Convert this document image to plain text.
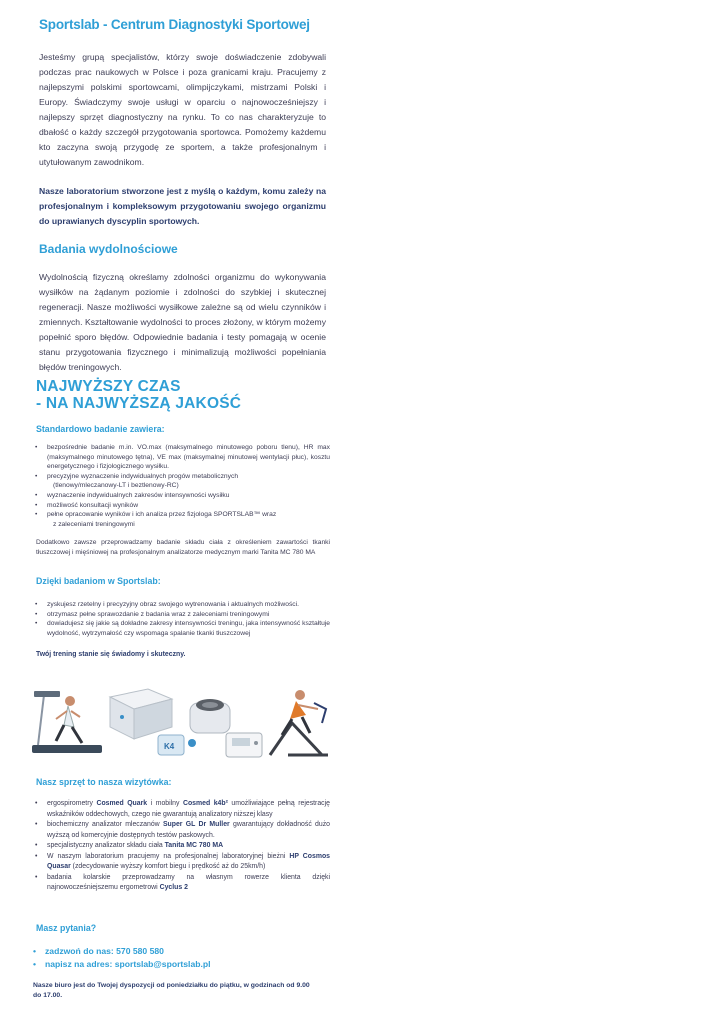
Sportslab - Centrum Diagnostyki Sportowej
Jesteśmy grupą specjalistów, którzy swoje doświadczenie zdobywali podczas prac naukowych w Polsce i poza granicami kraju. Pracujemy z najlepszymi polskimi sportowcami, olimpijczykami, mistrzami Polski i Europy. Świadczymy swoje usługi w oparciu o najnowocześniejszy i najlepszy sprzęt diagnostyczny na rynku. To co nas charakteryzuje to dbałość o każdy szczegół przygotowania sportowca. Pomożemy każdemu kto zaczyna swoją przygodę ze sportem, a także profesjonalnym i utytułowanym zawodnikom.
Nasze laboratorium stworzone jest z myślą o każdym, komu zależy na profesjonalnym i kompleksowym przygotowaniu swojego organizmu do uprawianych dyscyplin sportowych.
Badania wydolnościowe
Wydolnością fizyczną określamy zdolności organizmu do wykonywania wysiłków na żądanym poziomie i zdolności do szybkiej i skutecznej regeneracji. Nasze możliwości wysiłkowe zależne są od wielu czynników i zmiennych. Kształtowanie wydolności to proces złożony, w którym możemy popełnić sporo błędów. Odpowiednie badania i testy pomagają w ocenie stanu przygotowania fizycznego i minimalizują możliwości popełniania błędów treningowych.
NAJWYŻSZY CZAS
- NA NAJWYŻSZĄ JAKOŚĆ
Standardowo badanie zawiera:
• bezpośrednie badanie m.in. VO.max (maksymalnego minutowego poboru tlenu), HR max (maksymalnego minutowego tętna), VE max (maksymalnej minutowej wentylacji płuc), kosztu energetycznego i fizjologicznego wysiłku.
• precyzyjne wyznaczenie indywidualnych progów metabolicznych
(tlenowy/mleczanowy-LT i beztlenowy-RC)
• wyznaczenie indywidualnych zakresów intensywności wysiłku
• możliwość konsultacji wyników
• pełne opracowanie wyników i ich analiza przez fizjologa SPORTSLAB™ wraz
z zaleceniami treningowymi
Dodatkowo zawsze przeprowadzamy badanie składu ciała z określeniem zawartości tkanki tłuszczowej i mięśniowej na profesjonalnym analizatorze medycznym marki Tanita MC 780 MA
Dzięki badaniom w Sportslab:
• zyskujesz rzetelny i precyzyjny obraz swojego wytrenowania i aktualnych możliwości.
• otrzymasz pełne sprawozdanie z badania wraz z zaleceniami treningowymi
• dowiadujesz się jakie są dokładne zakresy intensywności treningu, jaka intensywność kształtuje wydolność, wytrzymałość czy wspomaga spalanie tkanki tłuszczowej
Twój trening stanie się świadomy i skuteczny.
K4
Nasz sprzęt to nasza wizytówka:
• ergospirometry Cosmed Quark i mobilny Cosmed k4b² umożliwiające pełną rejestrację wskaźników oddechowych, czego nie gwarantują analizatory niższej klasy
• biochemiczny analizator mleczanów Super GL Dr Muller gwarantujący dokładność dużo wyższą od komercyjnie dostępnych testów paskowych.
• specjalistyczny analizator składu ciała Tanita MC 780 MA
• W naszym laboratorium pracujemy na profesjonalnej laboratoryjnej bieżni HP Cosmos Quasar (zdecydowanie wyższy komfort biegu i prędkość aż do 25km/h)
• badania kolarskie przeprowadzamy na własnym rowerze klienta dzięki najnowocześniejszemu ergometrowi Cyclus 2
Masz pytania?
• zadzwoń do nas: 570 580 580
• napisz na adres: sportslab@sportslab.pl
Nasze biuro jest do Twojej dyspozycji od poniedziałku do piątku, w godzinach od 9.00 do 17.00.
